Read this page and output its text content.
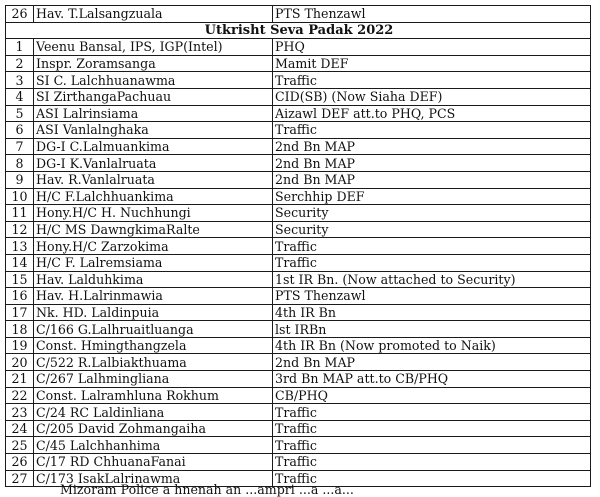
26	Hav. T.Lalsangzuala	PTS Thenzawl
Utkrisht Seva Padak 2022		
1	Veenu Bansal, IPS, IGP(Intel)	PHQ
2	Inspr. Zoramsanga	Mamit DEF
3	SI C. Lalchhuanawma	Traffic
4	SI ZirthangaPachuau	CID(SB) (Now Siaha DEF)
5	ASI Lalrinsiama	Aizawl DEF att.to PHQ, PCS
6	ASI Vanlalnghaka	Traffic
7	DG-I C.Lalmuankima	2nd Bn MAP
8	DG-I K.Vanlalruata	2nd Bn MAP
9	Hav. R.Vanlalruata	2nd Bn MAP
10	H/C F.Lalchhuankima	Serchhip DEF
11	Hony.H/C H. Nuchhungi	Security
12	H/C MS DawngkimaRalte	Security
13	Hony.H/C Zarzokima	Traffic
14	H/C F. Lalremsiama	Traffic
15	Hav. Lalduhkima	1st IR Bn. (Now attached to Security)
16	Hav. H.Lalrinmawia	PTS Thenzawl
17	Nk. HD. Laldinpuia	4th IR Bn
18	C/166 G.Lalhruaitluanga	lst IRBn
19	Const. Hmingthangzela	4th IR Bn (Now promoted to Naik)
20	C/522 R.Lalbiakthuama	2nd Bn MAP
21	C/267 Lalhmingliana	3rd Bn MAP att.to CB/PHQ
22	Const. Lalramhluna Rokhum	CB/PHQ
23	C/24 RC Laldinliana	Traffic
24	C/205 David Zohmangaiha	Traffic
25	C/45 Lalchhanhima	Traffic
26	C/17 RD ChhuanaFanai	Traffic
27	C/173 IsakLalrinawma	Traffic
Mizoram Police a hnenah an ...ampri ...a ...a...
